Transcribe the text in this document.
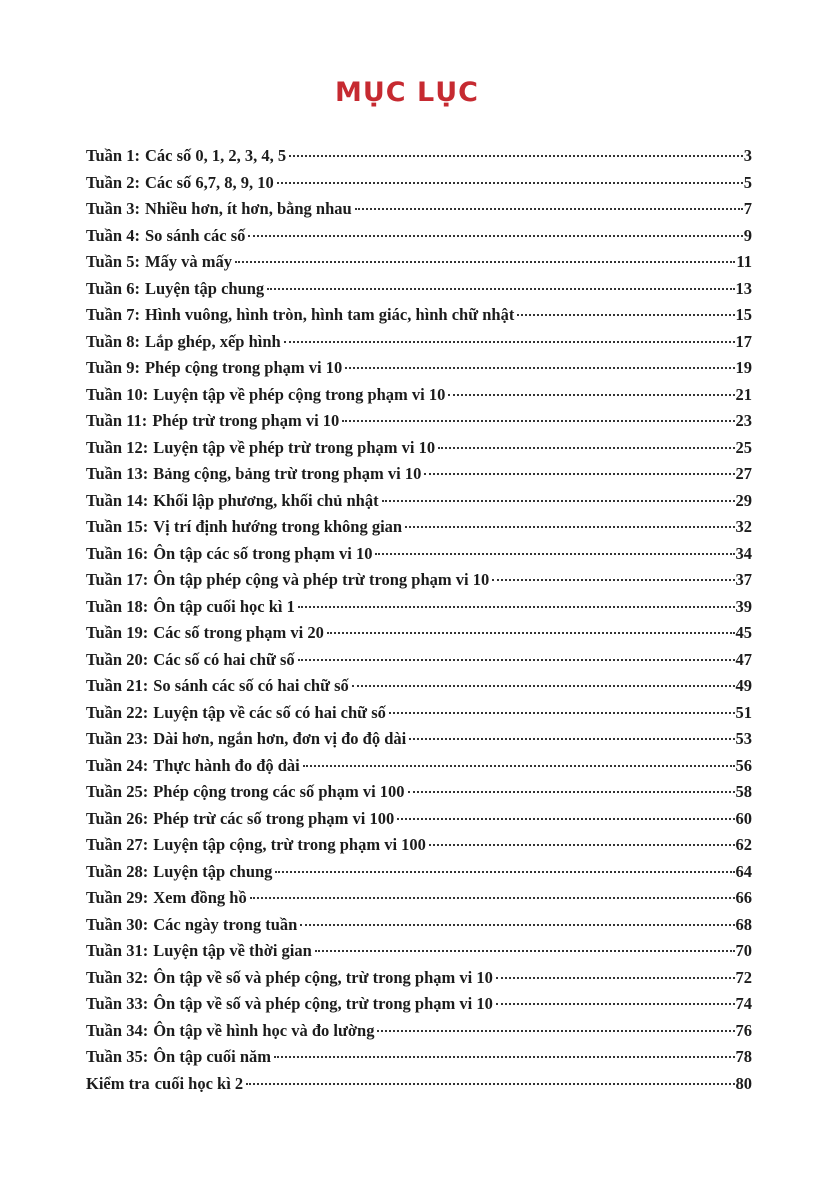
MỤC LỤC
Tuần 1: Các số 0, 1, 2, 3, 4, 5	3
Tuần 2: Các số 6,7, 8, 9, 10	5
Tuần 3: Nhiều hơn, ít hơn, bằng nhau	7
Tuần 4: So sánh các số	9
Tuần 5: Mấy và mấy	11
Tuần 6: Luyện tập chung	13
Tuần 7: Hình vuông, hình tròn, hình tam giác, hình chữ nhật	15
Tuần 8: Lắp ghép, xếp hình	17
Tuần 9: Phép cộng trong phạm vi 10	19
Tuần 10: Luyện tập về phép cộng trong phạm vi 10	21
Tuần 11: Phép trừ trong phạm vi 10	23
Tuần 12: Luyện tập về phép trừ trong phạm vi 10	25
Tuần 13: Bảng cộng, bảng trừ trong phạm vi 10	27
Tuần 14: Khối lập phương, khối chủ nhật	29
Tuần 15: Vị trí định hướng trong không gian	32
Tuần 16: Ôn tập các số trong phạm vi 10	34
Tuần 17: Ôn tập phép cộng và phép trừ trong phạm vi 10	37
Tuần 18: Ôn tập cuối học kì 1	39
Tuần 19: Các số trong phạm vi 20	45
Tuần 20: Các số có hai chữ số	47
Tuần 21: So sánh các số có hai chữ số	49
Tuần 22: Luyện tập về các số có hai chữ số	51
Tuần 23: Dài hơn, ngắn hơn, đơn vị đo độ dài	53
Tuần 24: Thực hành đo độ dài	56
Tuần 25: Phép cộng trong các số phạm vi 100	58
Tuần 26: Phép trừ các số trong phạm vi 100	60
Tuần 27: Luyện tập cộng, trừ trong phạm vi 100	62
Tuần 28: Luyện tập chung	64
Tuần 29: Xem đồng hồ	66
Tuần 30: Các ngày trong tuần	68
Tuần 31: Luyện tập về thời gian	70
Tuần 32: Ôn tập về số và phép cộng, trừ trong phạm vi 10	72
Tuần 33: Ôn tập về số và phép cộng, trừ trong phạm vi 10	74
Tuần 34: Ôn tập về hình học và đo lường	76
Tuần 35: Ôn tập cuối năm	78
Kiểm tra cuối học kì 2	80
